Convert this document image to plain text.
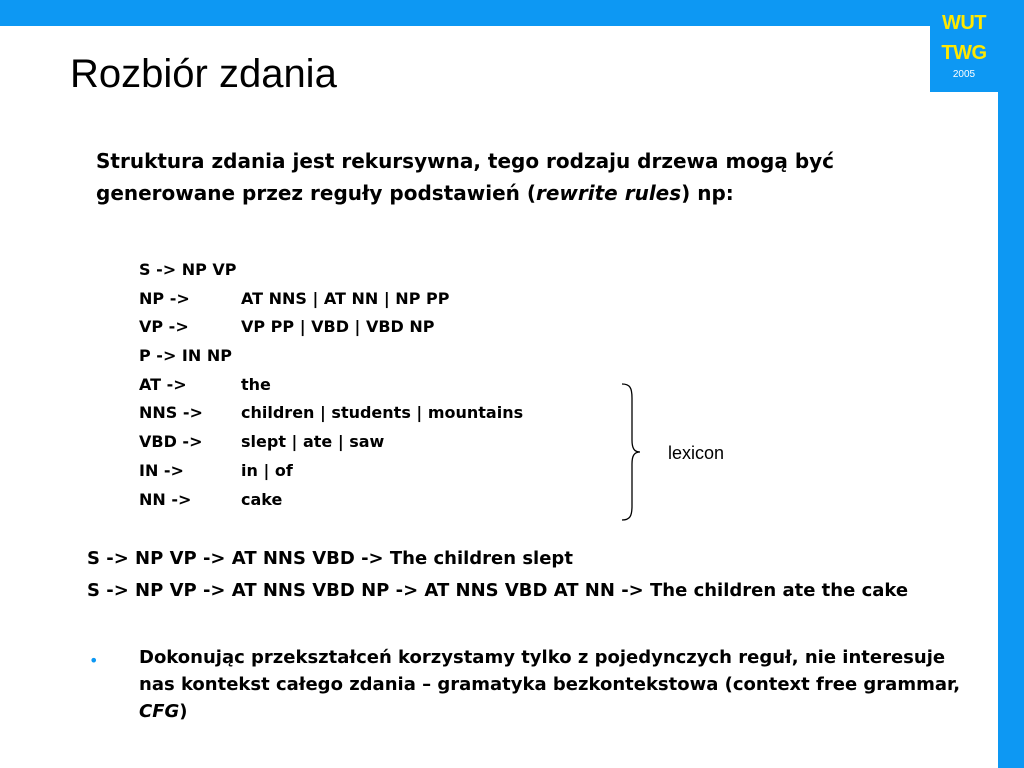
WUT
TWG
2005
Rozbiór zdania

Struktura zdania jest rekursywna, tego rodzaju drzewa mogą być generowane przez reguły podstawień (rewrite rules) np:

S -> NP VP
NP ->	AT NNS | AT NN | NP PP
VP ->	VP PP | VBD | VBD NP
P -> IN NP
AT ->	the
NNS -> children | students | mountains
VBD -> slept | ate | saw
IN ->	in | of
NN ->	cake
lexicon
S -> NP VP -> AT NNS VBD -> The children slept
S -> NP VP -> AT NNS VBD NP -> AT NNS VBD AT NN -> The children ate the cake
• Dokonując przekształceń korzystamy tylko z pojedynczych reguł, nie interesuje nas kontekst całego zdania – gramatyka bezkontekstowa (context free grammar, CFG)
